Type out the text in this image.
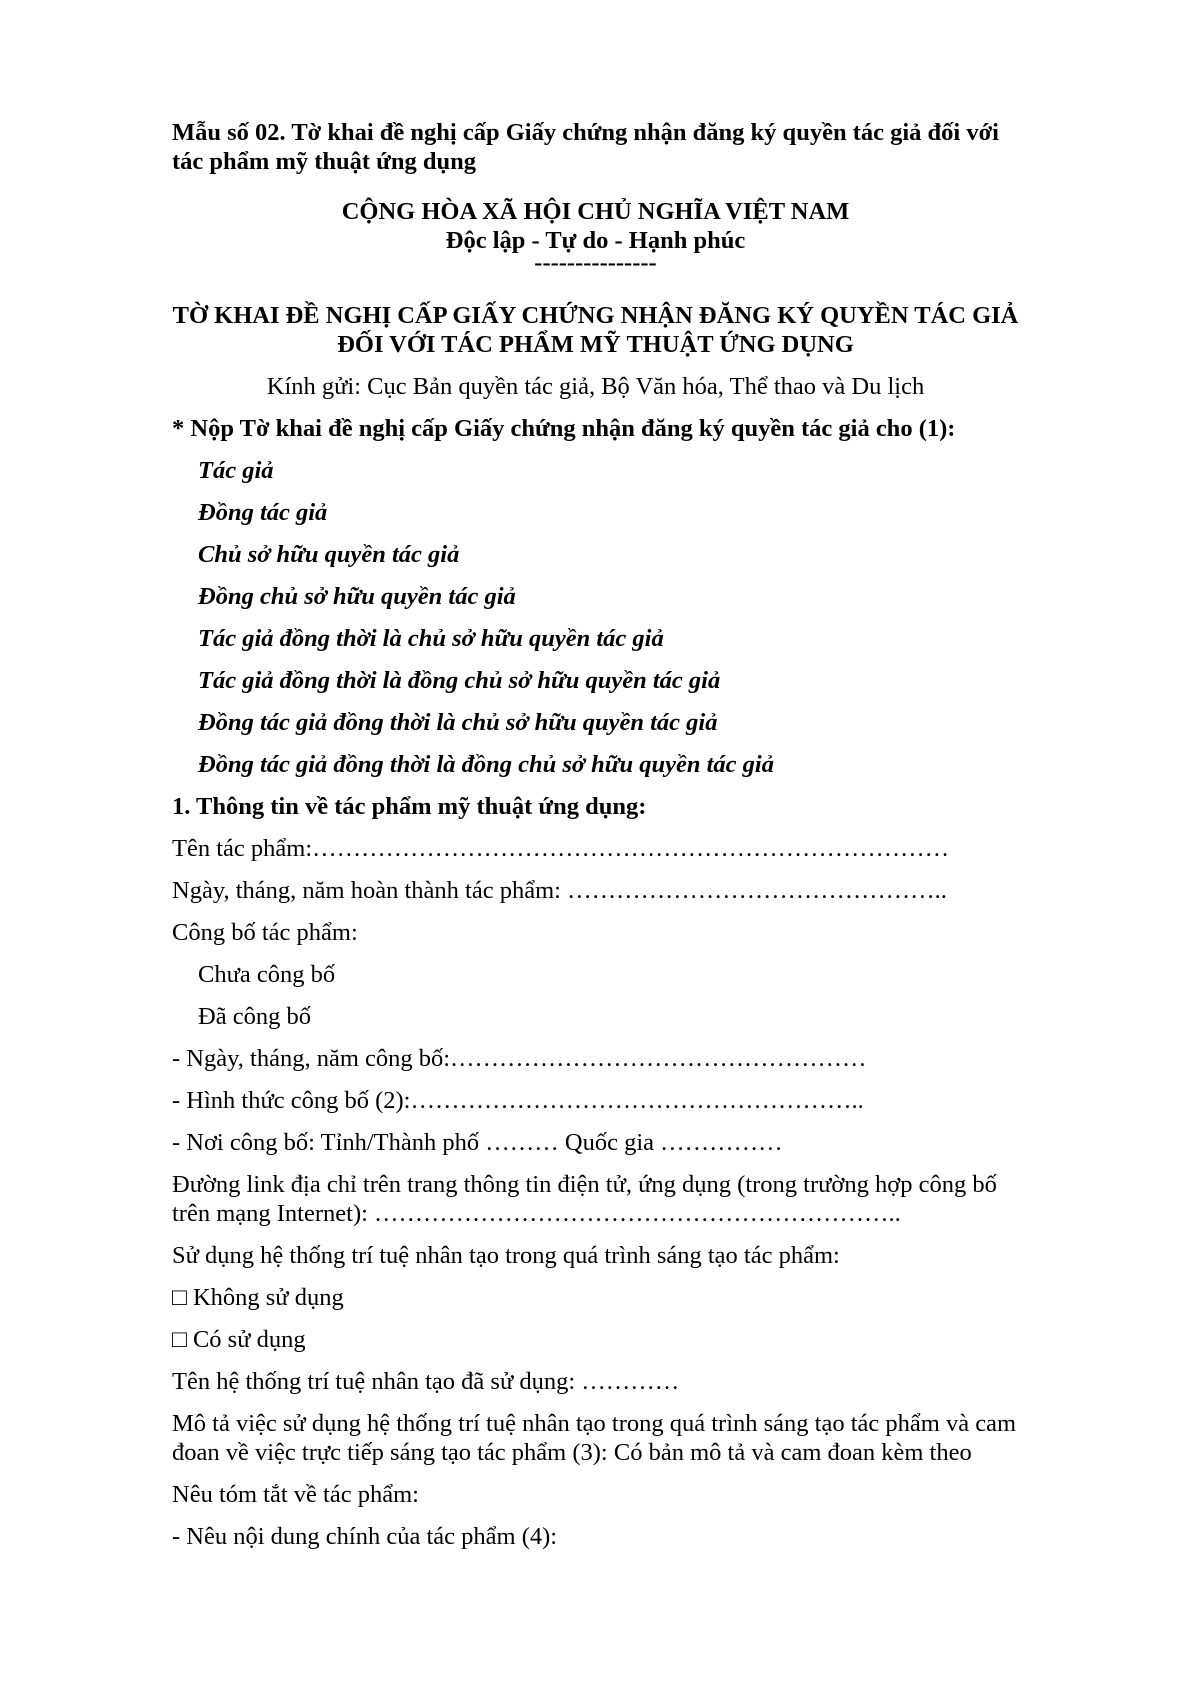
Mẫu số 02. Tờ khai đề nghị cấp Giấy chứng nhận đăng ký quyền tác giả đối với
tác phẩm mỹ thuật ứng dụng
CỘNG HÒA XÃ HỘI CHỦ NGHĨA VIỆT NAM
Độc lập - Tự do - Hạnh phúc
---------------
TỜ KHAI ĐỀ NGHỊ CẤP GIẤY CHỨNG NHẬN ĐĂNG KÝ QUYỀN TÁC GIẢ
ĐỐI VỚI TÁC PHẨM MỸ THUẬT ỨNG DỤNG
Kính gửi: Cục Bản quyền tác giả, Bộ Văn hóa, Thể thao và Du lịch
* Nộp Tờ khai đề nghị cấp Giấy chứng nhận đăng ký quyền tác giả cho (1):
Tác giả
Đồng tác giả
Chủ sở hữu quyền tác giả
Đồng chủ sở hữu quyền tác giả
Tác giả đồng thời là chủ sở hữu quyền tác giả
Tác giả đồng thời là đồng chủ sở hữu quyền tác giả
Đồng tác giả đồng thời là chủ sở hữu quyền tác giả
Đồng tác giả đồng thời là đồng chủ sở hữu quyền tác giả
1. Thông tin về tác phẩm mỹ thuật ứng dụng:
Tên tác phẩm:……………………………………………………………………
Ngày, tháng, năm hoàn thành tác phẩm: ………………………………………..
Công bố tác phẩm:
Chưa công bố
Đã công bố
- Ngày, tháng, năm công bố:……………………………………………
- Hình thức công bố (2):………………………………………………..
- Nơi công bố: Tỉnh/Thành phố ……… Quốc gia ……………
Đường link địa chỉ trên trang thông tin điện tử, ứng dụng (trong trường hợp công bố
trên mạng Internet): ………………………………………………………..
Sử dụng hệ thống trí tuệ nhân tạo trong quá trình sáng tạo tác phẩm:
□ Không sử dụng
□ Có sử dụng
Tên hệ thống trí tuệ nhân tạo đã sử dụng: …………
Mô tả việc sử dụng hệ thống trí tuệ nhân tạo trong quá trình sáng tạo tác phẩm và cam
đoan về việc trực tiếp sáng tạo tác phẩm (3): Có bản mô tả và cam đoan kèm theo
Nêu tóm tắt về tác phẩm:
- Nêu nội dung chính của tác phẩm (4):
